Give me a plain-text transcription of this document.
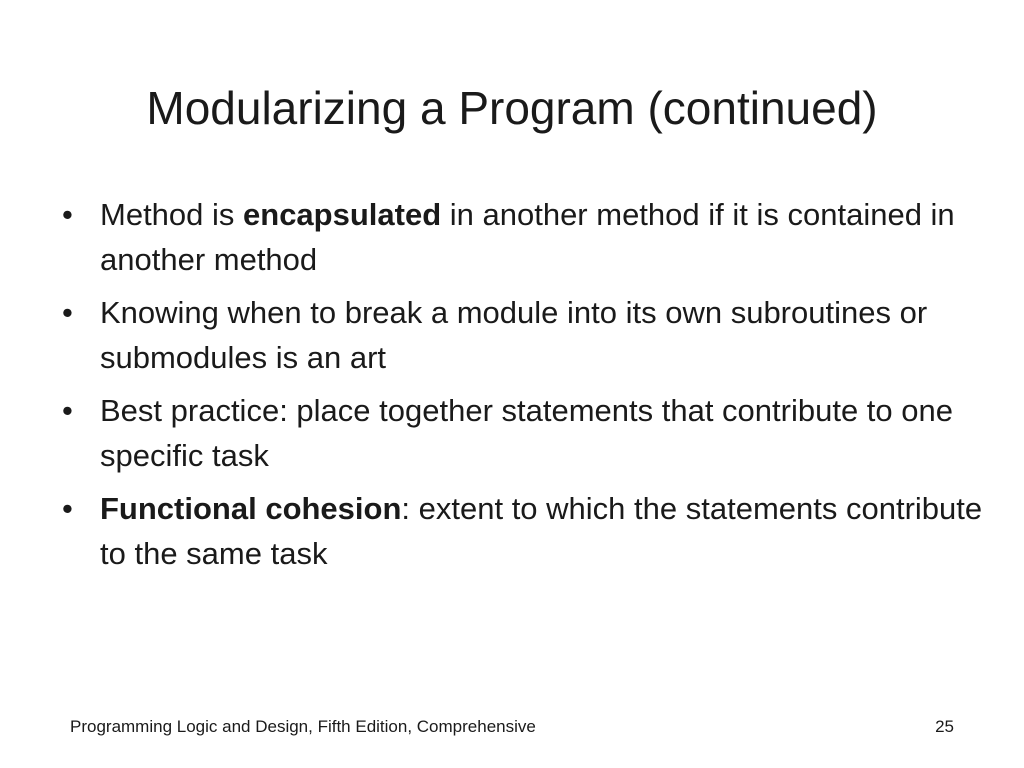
Modularizing a Program (continued)
• Method is encapsulated in another method if it is contained in another method
• Knowing when to break a module into its own subroutines or submodules is an art
• Best practice: place together statements that contribute to one specific task
• Functional cohesion: extent to which the statements contribute to the same task
Programming Logic and Design, Fifth Edition, Comprehensive	25
